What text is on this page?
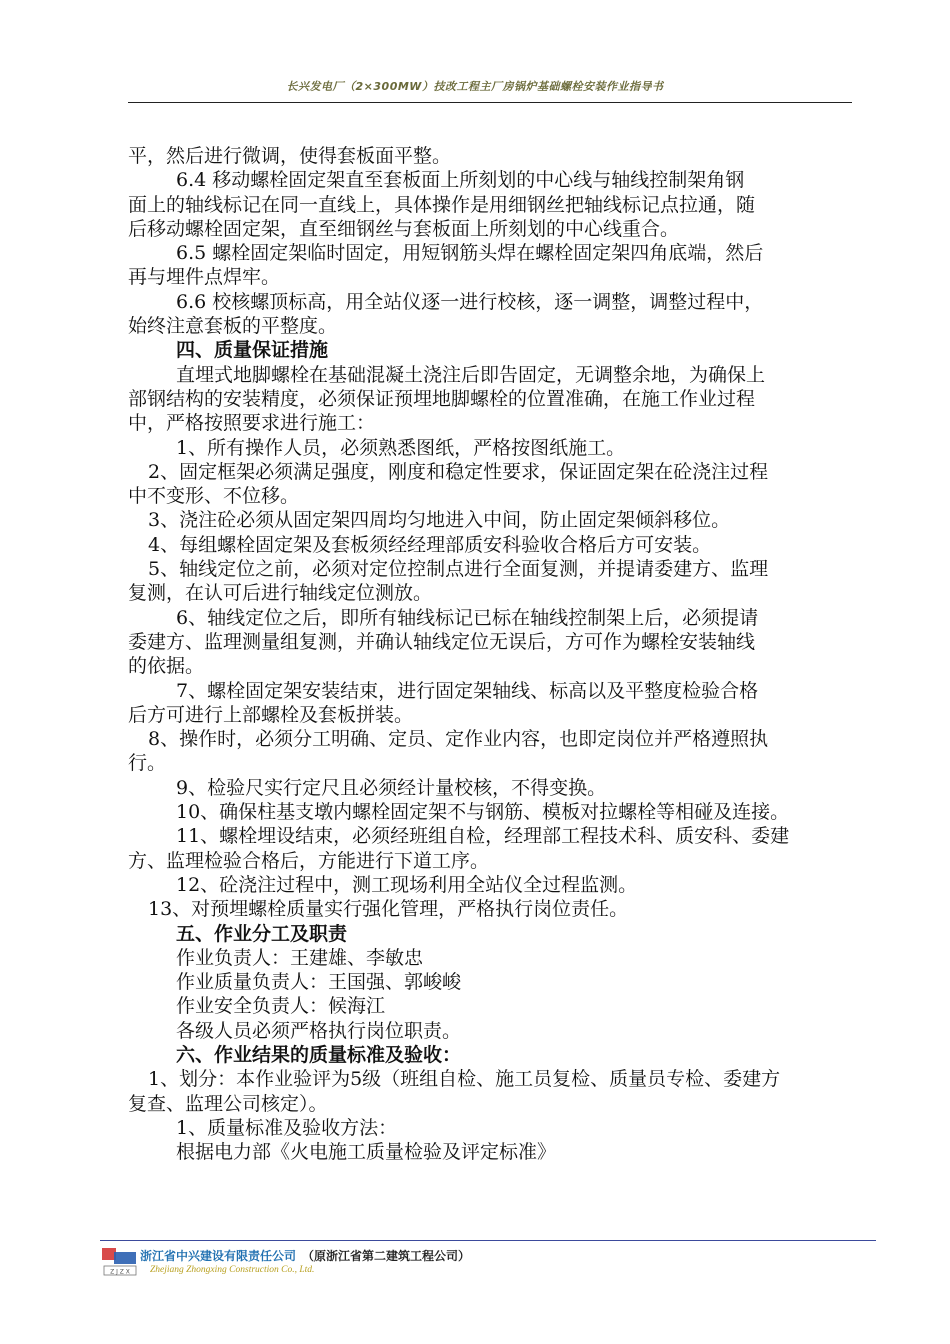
长兴发电厂（2×300MW）技改工程主厂房锅炉基础螺栓安装作业指导书
平，然后进行微调，使得套板面平整。
6.4 移动螺栓固定架直至套板面上所刻划的中心线与轴线控制架角钢
面上的轴线标记在同一直线上，具体操作是用细钢丝把轴线标记点拉通，随
后移动螺栓固定架，直至细钢丝与套板面上所刻划的中心线重合。
6.5 螺栓固定架临时固定，用短钢筋头焊在螺栓固定架四角底端，然后
再与埋件点焊牢。
6.6 校核螺顶标高，用全站仪逐一进行校核，逐一调整，调整过程中，
始终注意套板的平整度。
四、质量保证措施
直埋式地脚螺栓在基础混凝土浇注后即告固定，无调整余地，为确保上
部钢结构的安装精度，必须保证预埋地脚螺栓的位置准确，在施工作业过程
中，严格按照要求进行施工：
1、所有操作人员，必须熟悉图纸，严格按图纸施工。
2、固定框架必须满足强度，刚度和稳定性要求，保证固定架在砼浇注过程
中不变形、不位移。
3、浇注砼必须从固定架四周均匀地进入中间，防止固定架倾斜移位。
4、每组螺栓固定架及套板须经经理部质安科验收合格后方可安装。
5、轴线定位之前，必须对定位控制点进行全面复测，并提请委建方、监理
复测，在认可后进行轴线定位测放。
6、轴线定位之后，即所有轴线标记已标在轴线控制架上后，必须提请
委建方、监理测量组复测，并确认轴线定位无误后，方可作为螺栓安装轴线
的依据。
7、螺栓固定架安装结束，进行固定架轴线、标高以及平整度检验合格
后方可进行上部螺栓及套板拼装。
8、操作时，必须分工明确、定员、定作业内容，也即定岗位并严格遵照执
行。
9、检验尺实行定尺且必须经计量校核，不得变换。
10、确保柱基支墩内螺栓固定架不与钢筋、模板对拉螺栓等相碰及连接。
11、螺栓埋设结束，必须经班组自检，经理部工程技术科、质安科、委建
方、监理检验合格后，方能进行下道工序。
12、砼浇注过程中，测工现场利用全站仪全过程监测。
13、对预埋螺栓质量实行强化管理，严格执行岗位责任。
五、作业分工及职责
作业负责人：王建雄、李敏忠
作业质量负责人：王国强、郭峻峻
作业安全负责人：候海江
各级人员必须严格执行岗位职责。
六、作业结果的质量标准及验收：
1、划分：本作业验评为5级（班组自检、施工员复检、质量员专检、委建方
复查、监理公司核定）。
1、质量标准及验收方法：
根据电力部《火电施工质量检验及评定标准》
Z J Z X
浙江省中兴建设有限责任公司 （原浙江省第二建筑工程公司）
Zhejiang Zhongxing Construction Co., Ltd.
